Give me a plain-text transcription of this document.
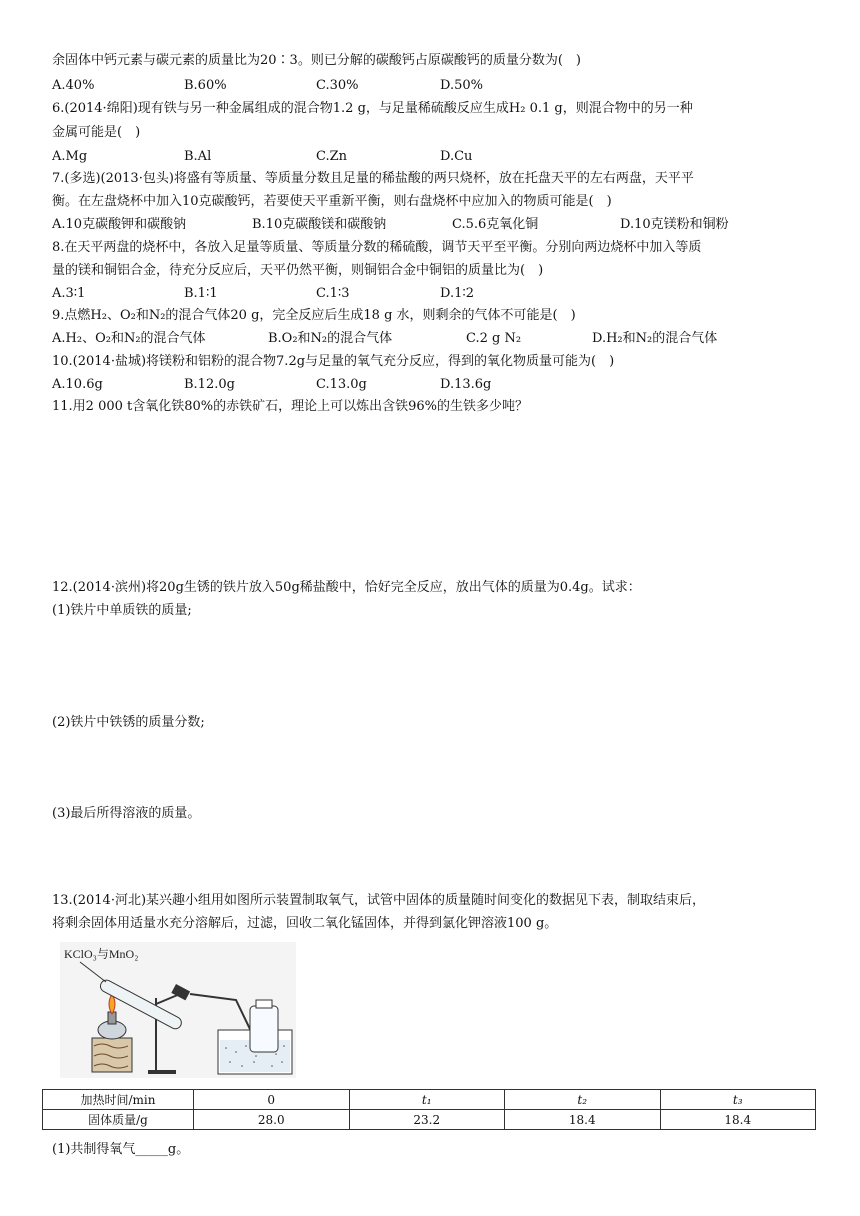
余固体中钙元素与碳元素的质量比为20∶3。则已分解的碳酸钙占原碳酸钙的质量分数为(　)
A.40%	B.60%	C.30%	D.50%
6.(2014·绵阳)现有铁与另一种金属组成的混合物1.2 g，与足量稀硫酸反应生成H₂ 0.1 g，则混合物中的另一种
金属可能是(　)
A.Mg	B.Al	C.Zn	D.Cu
7.(多选)(2013·包头)将盛有等质量、等质量分数且足量的稀盐酸的两只烧杯，放在托盘天平的左右两盘，天平平
衡。在左盘烧杯中加入10克碳酸钙，若要使天平重新平衡，则右盘烧杯中应加入的物质可能是(　)
A.10克碳酸钾和碳酸钠	B.10克碳酸镁和碳酸钠	C.5.6克氧化铜	D.10克镁粉和铜粉
8.在天平两盘的烧杯中，各放入足量等质量、等质量分数的稀硫酸，调节天平至平衡。分别向两边烧杯中加入等质
量的镁和铜铝合金，待充分反应后，天平仍然平衡，则铜铝合金中铜铝的质量比为(　)
A.3∶1	B.1∶1	C.1∶3	D.1∶2
9.点燃H₂、O₂和N₂的混合气体20 g，完全反应后生成18 g 水，则剩余的气体不可能是(　)
A.H₂、O₂和N₂的混合气体	B.O₂和N₂的混合气体	C.2 g N₂	D.H₂和N₂的混合气体
10.(2014·盐城)将镁粉和铝粉的混合物7.2g与足量的氧气充分反应，得到的氧化物质量可能为(　)
A.10.6g	B.12.0g	C.13.0g	D.13.6g
11.用2 000 t含氧化铁80%的赤铁矿石，理论上可以炼出含铁96%的生铁多少吨？
12.(2014·滨州)将20g生锈的铁片放入50g稀盐酸中，恰好完全反应，放出气体的质量为0.4g。试求：
(1)铁片中单质铁的质量;
(2)铁片中铁锈的质量分数;
(3)最后所得溶液的质量。
13.(2014·河北)某兴趣小组用如图所示装置制取氧气，试管中固体的质量随时间变化的数据见下表，制取结束后，
将剩余固体用适量水充分溶解后，过滤，回收二氧化锰固体，并得到氯化钾溶液100 g。
KClO₃与MnO₂
加热时间/min	0	t₁	t₂	t₃
固体质量/g	28.0	23.2	18.4	18.4
(1)共制得氧气_____g。
